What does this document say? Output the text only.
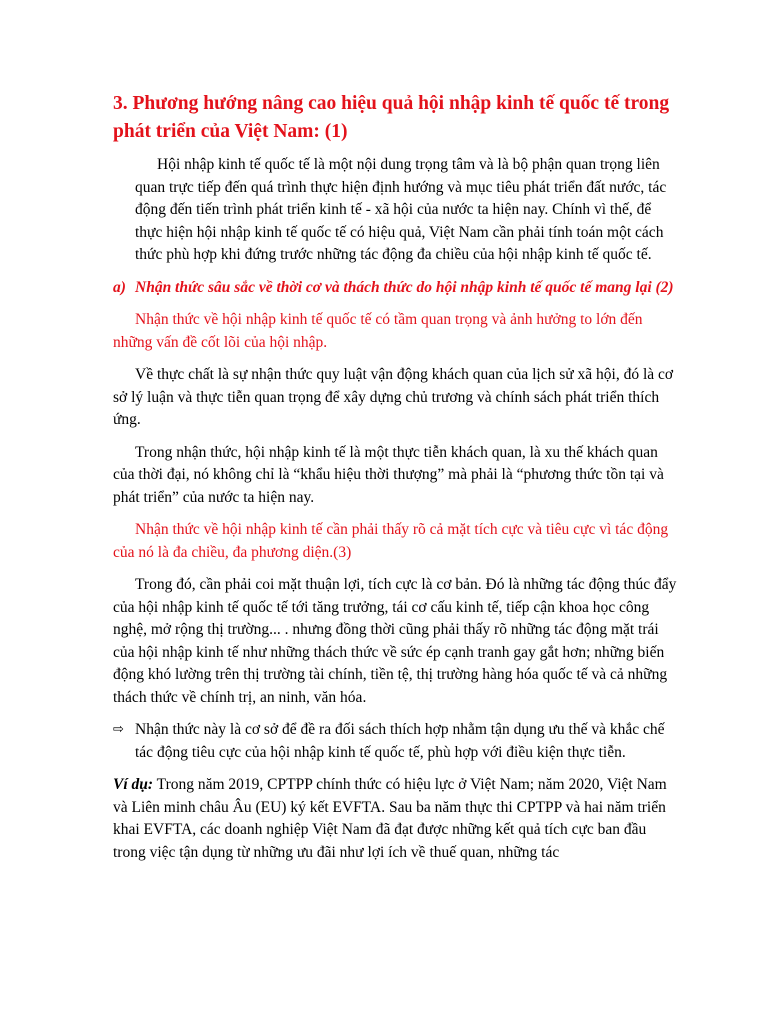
3. Phương hướng nâng cao hiệu quả hội nhập kinh tế quốc tế trong phát triển của Việt Nam: (1)

Hội nhập kinh tế quốc tế là một nội dung trọng tâm và là bộ phận quan trọng liên quan trực tiếp đến quá trình thực hiện định hướng và mục tiêu phát triển đất nước, tác động đến tiến trình phát triển kinh tế - xã hội của nước ta hiện nay. Chính vì thế, để thực hiện hội nhập kinh tế quốc tế có hiệu quả, Việt Nam cần phải tính toán một cách thức phù hợp khi đứng trước những tác động đa chiều của hội nhập kinh tế quốc tế.

a) Nhận thức sâu sắc về thời cơ và thách thức do hội nhập kinh tế quốc tế mang lại (2)

Nhận thức về hội nhập kinh tế quốc tế có tầm quan trọng và ảnh hưởng to lớn đến những vấn đề cốt lõi của hội nhập.

Về thực chất là sự nhận thức quy luật vận động khách quan của lịch sử xã hội, đó là cơ sở lý luận và thực tiễn quan trọng để xây dựng chủ trương và chính sách phát triển thích ứng.

Trong nhận thức, hội nhập kinh tế là một thực tiễn khách quan, là xu thế khách quan của thời đại, nó không chỉ là “khẩu hiệu thời thượng” mà phải là “phương thức tồn tại và phát triển” của nước ta hiện nay.

Nhận thức về hội nhập kinh tế cần phải thấy rõ cả mặt tích cực và tiêu cực vì tác động của nó là đa chiều, đa phương diện.(3)

Trong đó, cần phải coi mặt thuận lợi, tích cực là cơ bản. Đó là những tác động thúc đẩy của hội nhập kinh tế quốc tế tới tăng trưởng, tái cơ cấu kinh tế, tiếp cận khoa học công nghệ, mở rộng thị trường... . nhưng đồng thời cũng phải thấy rõ những tác động mặt trái của hội nhập kinh tế như những thách thức về sức ép cạnh tranh gay gắt hơn; những biến động khó lường trên thị trường tài chính, tiền tệ, thị trường hàng hóa quốc tế và cả những thách thức về chính trị, an ninh, văn hóa.

⇨ Nhận thức này là cơ sở để đề ra đối sách thích hợp nhằm tận dụng ưu thế và khắc chế tác động tiêu cực của hội nhập kinh tế quốc tế, phù hợp với điều kiện thực tiễn.

Ví dụ: Trong năm 2019, CPTPP chính thức có hiệu lực ở Việt Nam; năm 2020, Việt Nam và Liên minh châu Âu (EU) ký kết EVFTA. Sau ba năm thực thi CPTPP và hai năm triển khai EVFTA, các doanh nghiệp Việt Nam đã đạt được những kết quả tích cực ban đầu trong việc tận dụng từ những ưu đãi như lợi ích về thuế quan, những tác
